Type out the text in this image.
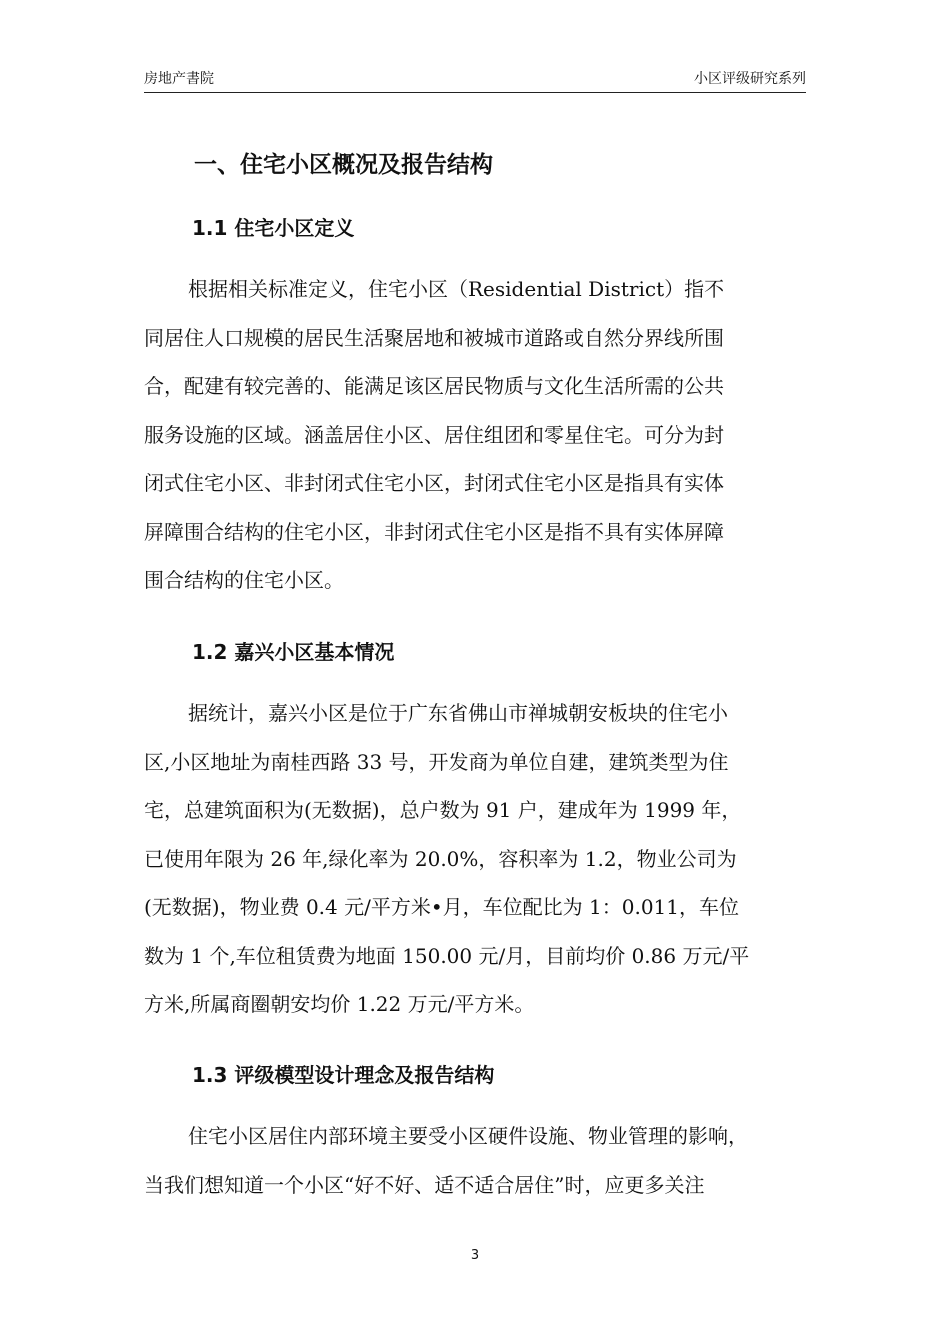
房地产書院	小区评级研究系列
一、住宅小区概况及报告结构
1.1 住宅小区定义
根据相关标准定义，住宅小区（Residential District）指不
同居住人口规模的居民生活聚居地和被城市道路或自然分界线所围
合，配建有较完善的、能满足该区居民物质与文化生活所需的公共
服务设施的区域。涵盖居住小区、居住组团和零星住宅。可分为封
闭式住宅小区、非封闭式住宅小区，封闭式住宅小区是指具有实体
屏障围合结构的住宅小区，非封闭式住宅小区是指不具有实体屏障
围合结构的住宅小区。
1.2 嘉兴小区基本情况
据统计，嘉兴小区是位于广东省佛山市禅城朝安板块的住宅小
区,小区地址为南桂西路 33 号，开发商为单位自建，建筑类型为住
宅，总建筑面积为(无数据)，总户数为 91 户，建成年为 1999 年，
已使用年限为 26 年,绿化率为 20.0%，容积率为 1.2，物业公司为
(无数据)，物业费 0.4 元/平方米•月，车位配比为 1：0.011，车位
数为 1 个,车位租赁费为地面 150.00 元/月，目前均价 0.86 万元/平
方米,所属商圈朝安均价 1.22 万元/平方米。
1.3 评级模型设计理念及报告结构
住宅小区居住内部环境主要受小区硬件设施、物业管理的影响，
当我们想知道一个小区“好不好、适不适合居住”时，应更多关注
3
